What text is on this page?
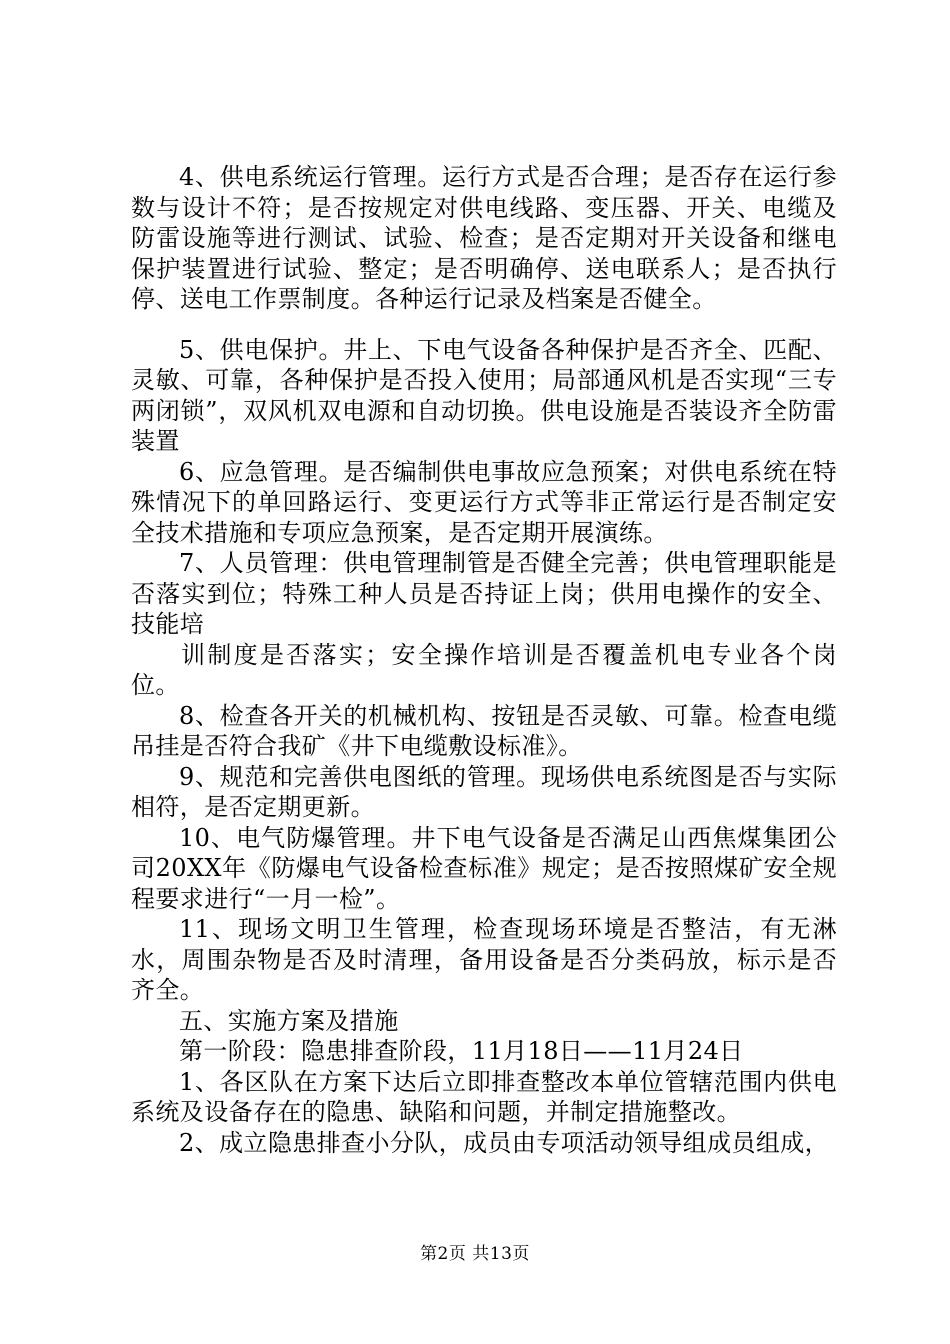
4、供电系统运行管理。运行方式是否合理；是否存在运行参数与设计不符；是否按规定对供电线路、变压器、开关、电缆及防雷设施等进行测试、试验、检查；是否定期对开关设备和继电保护装置进行试验、整定；是否明确停、送电联系人；是否执行停、送电工作票制度。各种运行记录及档案是否健全。

5、供电保护。井上、下电气设备各种保护是否齐全、匹配、灵敏、可靠，各种保护是否投入使用；局部通风机是否实现“三专两闭锁”，双风机双电源和自动切换。供电设施是否装设齐全防雷装置

6、应急管理。是否编制供电事故应急预案；对供电系统在特殊情况下的单回路运行、变更运行方式等非正常运行是否制定安全技术措施和专项应急预案，是否定期开展演练。

7、人员管理：供电管理制管是否健全完善；供电管理职能是否落实到位；特殊工种人员是否持证上岗；供用电操作的安全、技能培

训制度是否落实；安全操作培训是否覆盖机电专业各个岗位。

8、检查各开关的机械机构、按钮是否灵敏、可靠。检查电缆吊挂是否符合我矿《井下电缆敷设标准》。

9、规范和完善供电图纸的管理。现场供电系统图是否与实际相符，是否定期更新。

10、电气防爆管理。井下电气设备是否满足山西焦煤集团公司20XX年《防爆电气设备检查标准》规定；是否按照煤矿安全规程要求进行“一月一检”。

11、现场文明卫生管理，检查现场环境是否整洁，有无淋水，周围杂物是否及时清理，备用设备是否分类码放，标示是否齐全。

五、实施方案及措施

第一阶段：隐患排查阶段，11月18日——11月24日

1、各区队在方案下达后立即排查整改本单位管辖范围内供电系统及设备存在的隐患、缺陷和问题，并制定措施整改。

2、成立隐患排查小分队，成员由专项活动领导组成员组成，

第2页 共13页
